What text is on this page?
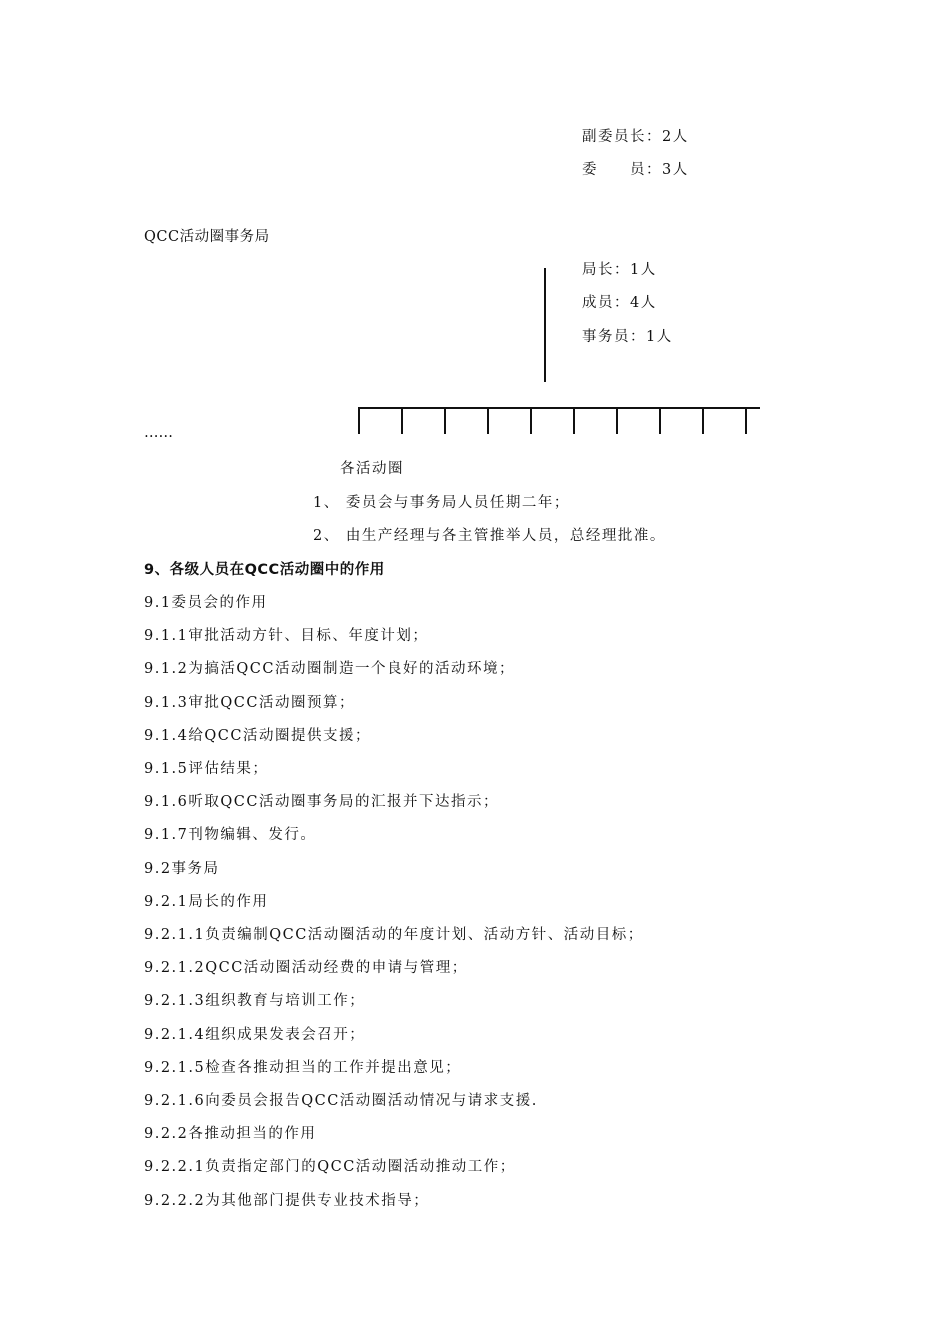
副委员长：2人
委　　员：3人
QCC活动圈事务局
局长：1人
成员：4人
事务员：1人
……
各活动圈
1、 委员会与事务局人员任期二年；
2、 由生产经理与各主管推举人员，总经理批准。
9、各级人员在QCC活动圈中的作用
9.1委员会的作用
9.1.1审批活动方针、目标、年度计划；
9.1.2为搞活QCC活动圈制造一个良好的活动环境；
9.1.3审批QCC活动圈预算；
9.1.4给QCC活动圈提供支援；
9.1.5评估结果；
9.1.6听取QCC活动圈事务局的汇报并下达指示；
9.1.7刊物编辑、发行。
9.2事务局
9.2.1局长的作用
9.2.1.1负责编制QCC活动圈活动的年度计划、活动方针、活动目标；
9.2.1.2QCC活动圈活动经费的申请与管理；
9.2.1.3组织教育与培训工作；
9.2.1.4组织成果发表会召开；
9.2.1.5检查各推动担当的工作并提出意见；
9.2.1.6向委员会报告QCC活动圈活动情况与请求支援.
9.2.2各推动担当的作用
9.2.2.1负责指定部门的QCC活动圈活动推动工作；
9.2.2.2为其他部门提供专业技术指导；
